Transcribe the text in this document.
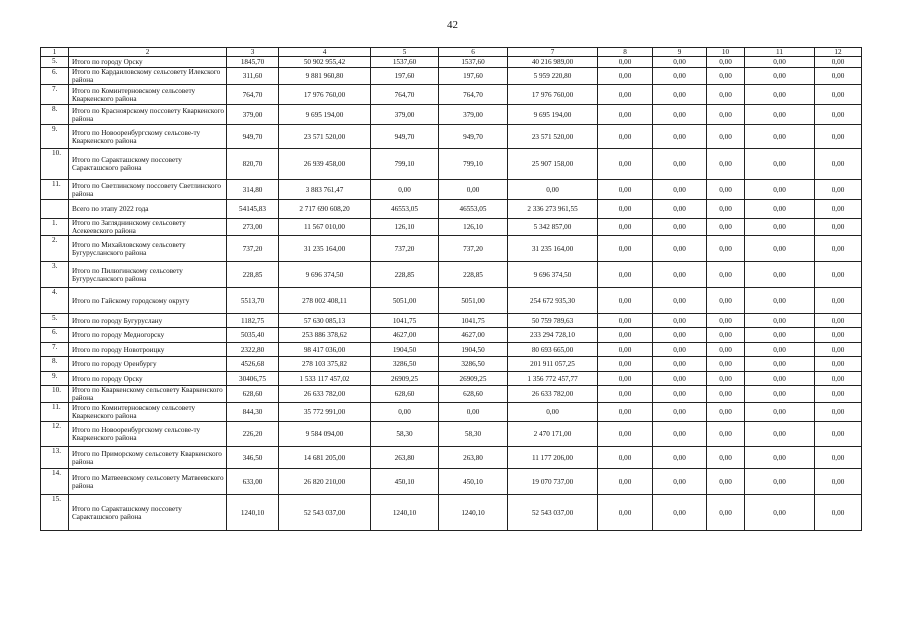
42
1	2	3	4	5	6	7	8	9	10	11	12
5.	Итого по городу Орску	1845,70	50 902 955,42	1537,60	1537,60	40 216 989,00	0,00	0,00	0,00	0,00	0,00
6.	Итого по Кардаиловскому сельсовету Илекского района	311,60	9 881 960,80	197,60	197,60	5 959 220,80	0,00	0,00	0,00	0,00	0,00
7.	Итого по Коминтерновскому сельсовету Кваркенского района	764,70	17 976 760,00	764,70	764,70	17 976 760,00	0,00	0,00	0,00	0,00	0,00
8.	Итого по Красноярскому поссовету Кваркенского района	379,00	9 695 194,00	379,00	379,00	9 695 194,00	0,00	0,00	0,00	0,00	0,00
9.	Итого по Новооренбургскому сельсове-ту Кваркенского района	949,70	23 571 520,00	949,70	949,70	23 571 520,00	0,00	0,00	0,00	0,00	0,00
10.	Итого по Саракташскому поссовету Саракташского района	820,70	26 939 458,00	799,10	799,10	25 907 158,00	0,00	0,00	0,00	0,00	0,00
11.	Итого по Светлинскому поссовету Светлинского района	314,80	3 883 761,47	0,00	0,00	0,00	0,00	0,00	0,00	0,00	0,00
	Всего по этапу 2022 года	54145,83	2 717 690 608,20	46553,05	46553,05	2 336 273 961,55	0,00	0,00	0,00	0,00	0,00
1.	Итого по Загляднинскому сельсовету Асекеевского района	273,00	11 567 010,00	126,10	126,10	5 342 857,00	0,00	0,00	0,00	0,00	0,00
2.	Итого по Михайловскому сельсовету Бугурусланского района	737,20	31 235 164,00	737,20	737,20	31 235 164,00	0,00	0,00	0,00	0,00	0,00
3.	Итого по Пилюгинскому сельсовету Бугурусланского района	228,85	9 696 374,50	228,85	228,85	9 696 374,50	0,00	0,00	0,00	0,00	0,00
4.	Итого по Гайскому городскому округу	5513,70	278 002 408,11	5051,00	5051,00	254 672 935,30	0,00	0,00	0,00	0,00	0,00
5.	Итого по городу Бугуруслану	1182,75	57 630 085,13	1041,75	1041,75	50 759 789,63	0,00	0,00	0,00	0,00	0,00
6.	Итого по городу Медногорску	5035,40	253 886 378,62	4627,00	4627,00	233 294 728,10	0,00	0,00	0,00	0,00	0,00
7.	Итого по городу Новотроицку	2322,80	98 417 036,00	1904,50	1904,50	80 693 665,00	0,00	0,00	0,00	0,00	0,00
8.	Итого по городу Оренбургу	4526,68	278 103 375,82	3286,50	3286,50	201 911 057,25	0,00	0,00	0,00	0,00	0,00
9.	Итого по городу Орску	30406,75	1 533 117 457,02	26909,25	26909,25	1 356 772 457,77	0,00	0,00	0,00	0,00	0,00
10.	Итого по Кваркенскому сельсовету Кваркенского района	628,60	26 633 782,00	628,60	628,60	26 633 782,00	0,00	0,00	0,00	0,00	0,00
11.	Итого по Коминтерновскому сельсовету Кваркенского района	844,30	35 772 991,00	0,00	0,00	0,00	0,00	0,00	0,00	0,00	0,00
12.	Итого по Новооренбургскому сельсове-ту Кваркенского района	226,20	9 584 094,00	58,30	58,30	2 470 171,00	0,00	0,00	0,00	0,00	0,00
13.	Итого по Приморскому сельсовету Кваркенского района	346,50	14 681 205,00	263,80	263,80	11 177 206,00	0,00	0,00	0,00	0,00	0,00
14.	Итого по Матвеевскому сельсовету Матвеевского района	633,00	26 820 210,00	450,10	450,10	19 070 737,00	0,00	0,00	0,00	0,00	0,00
15.	Итого по Саракташскому поссовету Саракташского района	1240,10	52 543 037,00	1240,10	1240,10	52 543 037,00	0,00	0,00	0,00	0,00	0,00
